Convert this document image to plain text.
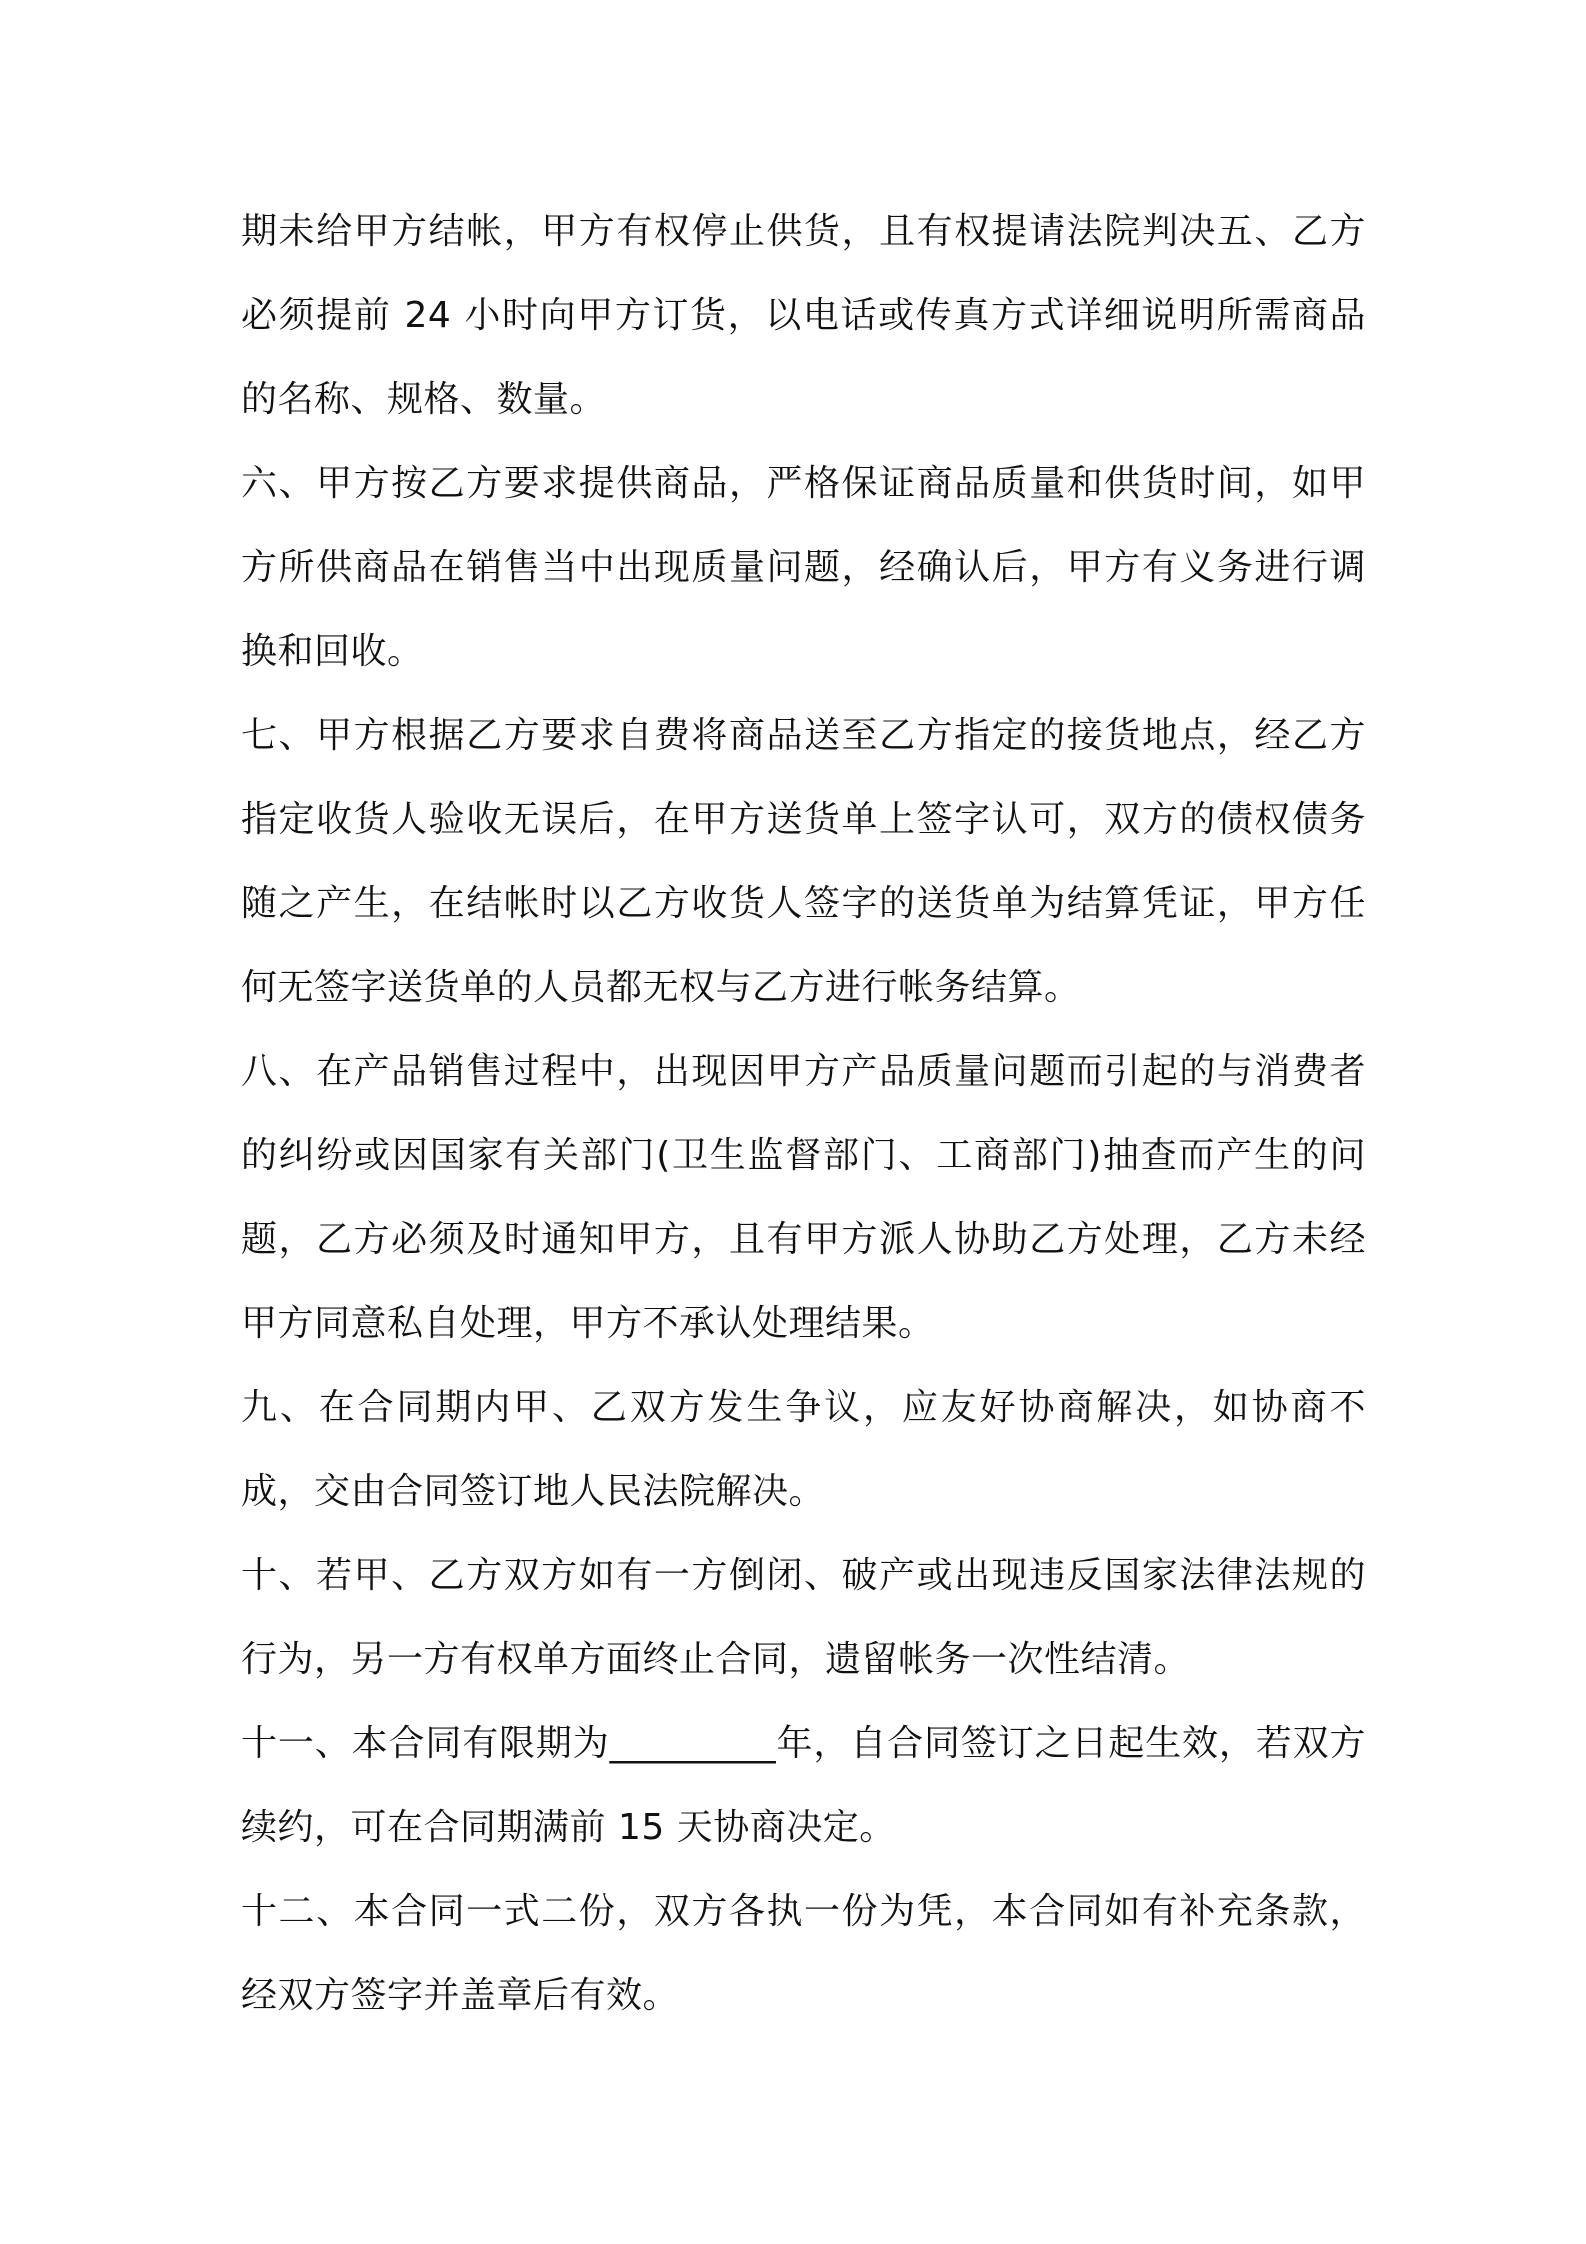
期未给甲方结帐，甲方有权停止供货，且有权提请法院判决五、乙方必须提前 24 小时向甲方订货，以电话或传真方式详细说明所需商品的名称、规格、数量。

六、甲方按乙方要求提供商品，严格保证商品质量和供货时间，如甲方所供商品在销售当中出现质量问题，经确认后，甲方有义务进行调换和回收。

七、甲方根据乙方要求自费将商品送至乙方指定的接货地点，经乙方指定收货人验收无误后，在甲方送货单上签字认可，双方的债权债务随之产生，在结帐时以乙方收货人签字的送货单为结算凭证，甲方任何无签字送货单的人员都无权与乙方进行帐务结算。

八、在产品销售过程中，出现因甲方产品质量问题而引起的与消费者的纠纷或因国家有关部门(卫生监督部门、工商部门)抽查而产生的问题，乙方必须及时通知甲方，且有甲方派人协助乙方处理，乙方未经甲方同意私自处理，甲方不承认处理结果。

九、在合同期内甲、乙双方发生争议，应友好协商解决，如协商不成，交由合同签订地人民法院解决。

十、若甲、乙方双方如有一方倒闭、破产或出现违反国家法律法规的行为，另一方有权单方面终止合同，遗留帐务一次性结清。

十一、本合同有限期为_________年，自合同签订之日起生效，若双方续约，可在合同期满前 15 天协商决定。

十二、本合同一式二份，双方各执一份为凭，本合同如有补充条款，经双方签字并盖章后有效。
